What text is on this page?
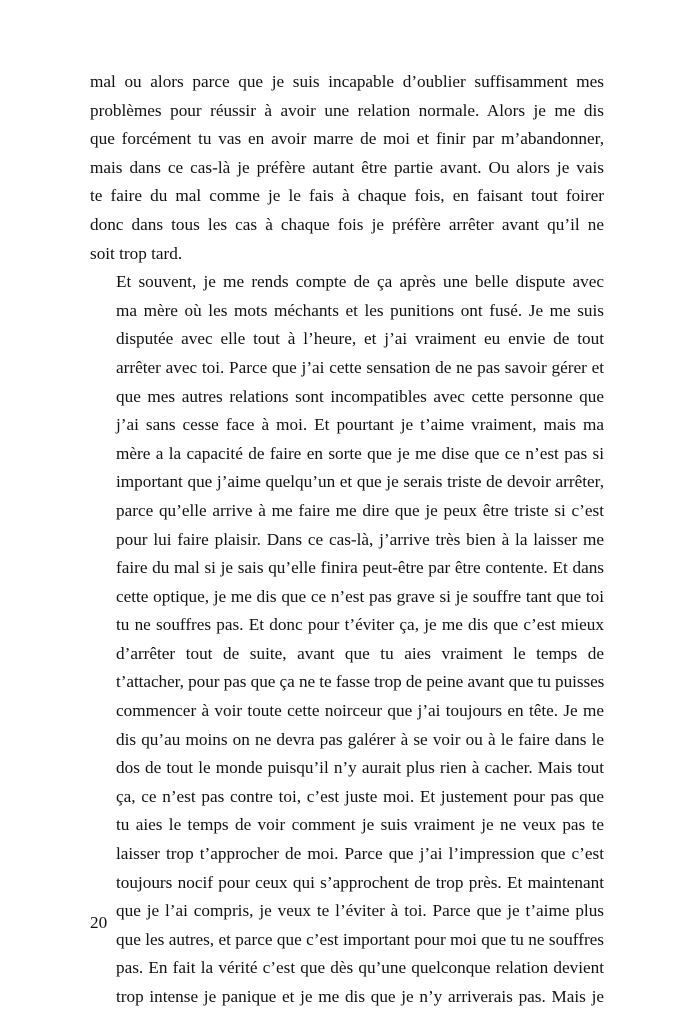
mal ou alors parce que je suis incapable d’oublier suffisamment mes
problèmes pour réussir à avoir une relation normale. Alors je me dis
que forcément tu vas en avoir marre de moi et finir par m’abandonner,
mais dans ce cas-là je préfère autant être partie avant. Ou alors je vais
te faire du mal comme je le fais à chaque fois, en faisant tout foirer
donc dans tous les cas à chaque fois je préfère arrêter avant qu’il ne
soit trop tard.

Et souvent, je me rends compte de ça après une belle dispute avec
ma mère où les mots méchants et les punitions ont fusé. Je me suis
disputée avec elle tout à l’heure, et j’ai vraiment eu envie de tout
arrêter avec toi. Parce que j’ai cette sensation de ne pas savoir gérer et
que mes autres relations sont incompatibles avec cette personne que
j’ai sans cesse face à moi. Et pourtant je t’aime vraiment, mais ma
mère a la capacité de faire en sorte que je me dise que ce n’est pas si
important que j’aime quelqu’un et que je serais triste de devoir arrêter,
parce qu’elle arrive à me faire me dire que je peux être triste si c’est
pour lui faire plaisir. Dans ce cas-là, j’arrive très bien à la laisser me
faire du mal si je sais qu’elle finira peut-être par être contente. Et dans
cette optique, je me dis que ce n’est pas grave si je souffre tant que toi
tu ne souffres pas. Et donc pour t’éviter ça, je me dis que c’est mieux
d’arrêter tout de suite, avant que tu aies vraiment le temps de
t’attacher, pour pas que ça ne te fasse trop de peine avant que tu puisses
commencer à voir toute cette noirceur que j’ai toujours en tête. Je me
dis qu’au moins on ne devra pas galérer à se voir ou à le faire dans le
dos de tout le monde puisqu’il n’y aurait plus rien à cacher. Mais tout
ça, ce n’est pas contre toi, c’est juste moi. Et justement pour pas que
tu aies le temps de voir comment je suis vraiment je ne veux pas te
laisser trop t’approcher de moi. Parce que j’ai l’impression que c’est
toujours nocif pour ceux qui s’approchent de trop près. Et maintenant
que je l’ai compris, je veux te l’éviter à toi. Parce que je t’aime plus
que les autres, et parce que c’est important pour moi que tu ne souffres
pas. En fait la vérité c’est que dès qu’une quelconque relation devient
trop intense je panique et je me dis que je n’y arriverais pas. Mais je

20
